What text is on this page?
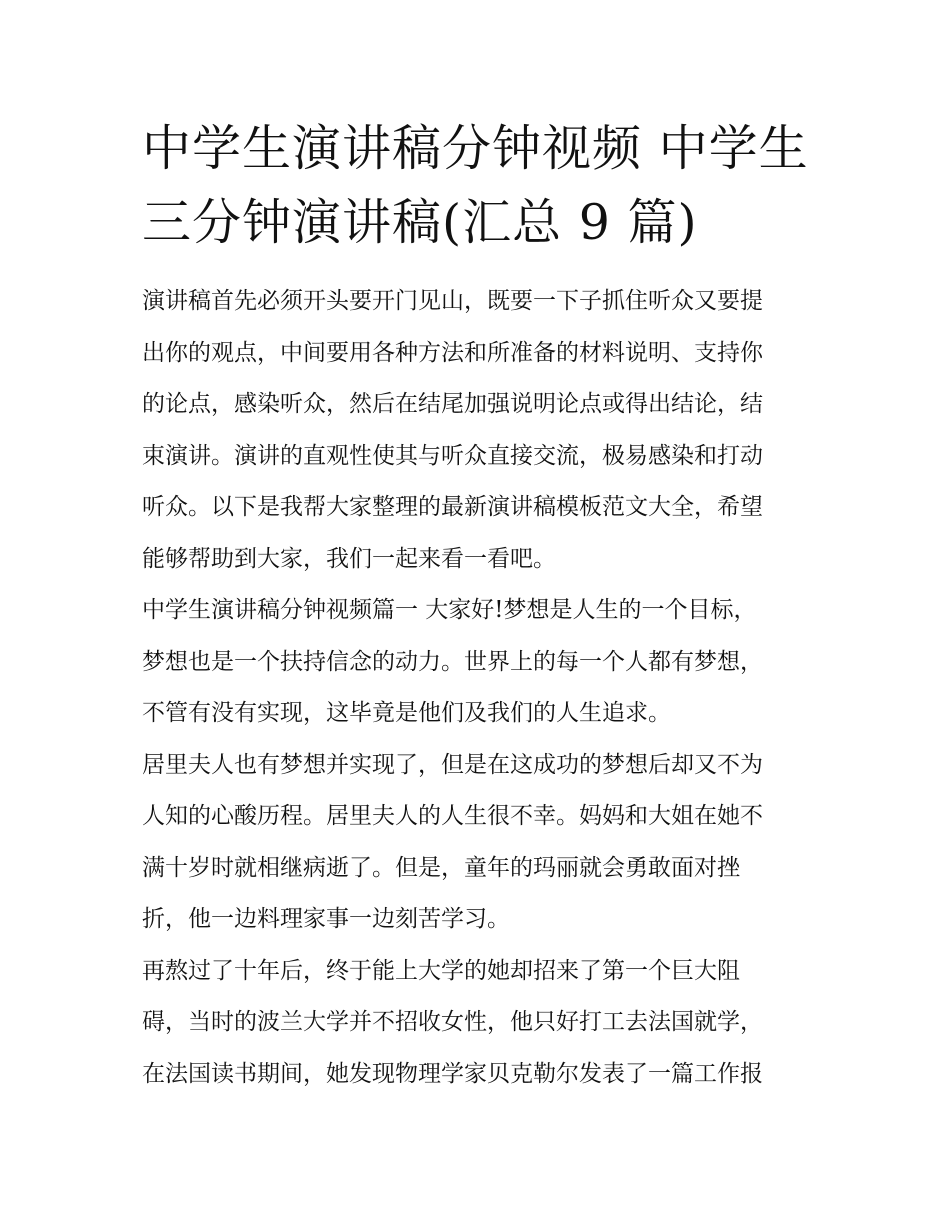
中学生演讲稿分钟视频 中学生
三分钟演讲稿(汇总 9 篇)

演讲稿首先必须开头要开门见山，既要一下子抓住听众又要提
出你的观点，中间要用各种方法和所准备的材料说明、支持你
的论点，感染听众，然后在结尾加强说明论点或得出结论，结
束演讲。演讲的直观性使其与听众直接交流，极易感染和打动
听众。以下是我帮大家整理的最新演讲稿模板范文大全，希望
能够帮助到大家，我们一起来看一看吧。

中学生演讲稿分钟视频篇一 大家好!梦想是人生的一个目标，
梦想也是一个扶持信念的动力。世界上的每一个人都有梦想，
不管有没有实现，这毕竟是他们及我们的人生追求。

居里夫人也有梦想并实现了，但是在这成功的梦想后却又不为
人知的心酸历程。居里夫人的人生很不幸。妈妈和大姐在她不
满十岁时就相继病逝了。但是，童年的玛丽就会勇敢面对挫
折，他一边料理家事一边刻苦学习。

再熬过了十年后，终于能上大学的她却招来了第一个巨大阻
碍，当时的波兰大学并不招收女性，他只好打工去法国就学，
在法国读书期间，她发现物理学家贝克勒尔发表了一篇工作报
